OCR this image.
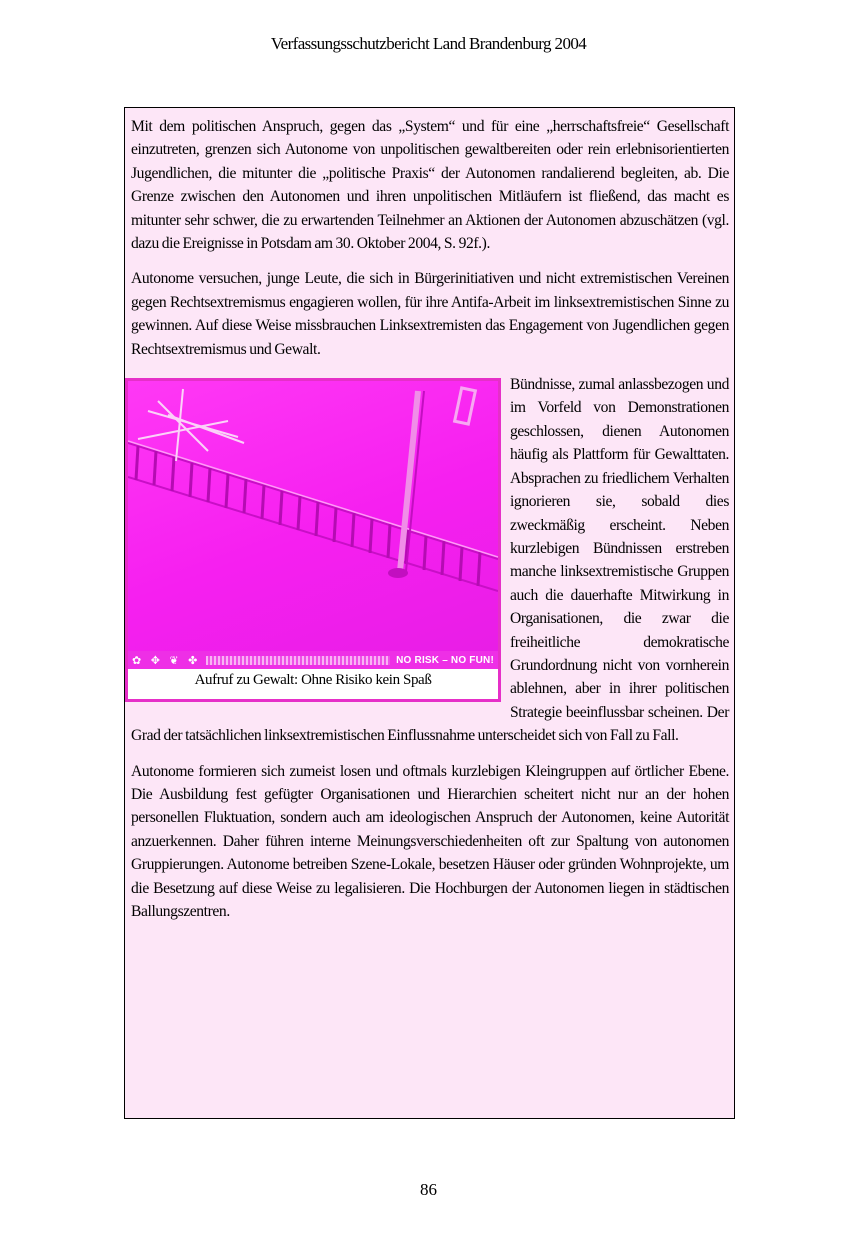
Verfassungsschutzbericht Land Brandenburg 2004

Mit dem politischen Anspruch, gegen das „System“ und für eine „herrschaftsfreie“ Gesellschaft einzutreten, grenzen sich Autonome von unpolitischen gewaltbereiten oder rein erlebnisorientierten Jugendlichen, die mitunter die „politische Praxis“ der Autonomen randalierend begleiten, ab. Die Grenze zwischen den Autonomen und ihren unpolitischen Mitläufern ist fließend, das macht es mitunter sehr schwer, die zu erwartenden Teilnehmer an Aktionen der Autonomen abzuschätzen (vgl. dazu die Ereignisse in Potsdam am 30. Oktober 2004, S. 92f.).

Autonome versuchen, junge Leute, die sich in Bürgerinitiativen und nicht extremistischen Vereinen gegen Rechtsextremismus engagieren wollen, für ihre Antifa-Arbeit im linksextremistischen Sinne zu gewinnen. Auf diese Weise missbrauchen Linksextremisten das Engagement von Jugendlichen gegen Rechtsextremismus und Gewalt.

✿ ✥ ❦ ✤	NO RISK – NO FUN!
Aufruf zu Gewalt: Ohne Risiko kein Spaß

Bündnisse, zumal anlassbezogen und im Vorfeld von Demonstrationen geschlossen, dienen Autonomen häufig als Plattform für Gewalttaten. Absprachen zu friedlichem Verhalten ignorieren sie, sobald dies zweckmäßig erscheint. Neben kurzlebigen Bündnissen erstreben manche linksextremistische Gruppen auch die dauerhafte Mitwirkung in Organisationen, die zwar die freiheitliche demokratische Grundordnung nicht von vornherein ablehnen, aber in ihrer politischen Strategie beeinflussbar scheinen. Der Grad der tatsächlichen linksextremistischen Einflussnahme unterscheidet sich von Fall zu Fall.

Autonome formieren sich zumeist losen und oftmals kurzlebigen Kleingruppen auf örtlicher Ebene. Die Ausbildung fest gefügter Organisationen und Hierarchien scheitert nicht nur an der hohen personellen Fluktuation, sondern auch am ideologischen Anspruch der Autonomen, keine Autorität anzuerkennen. Daher führen interne Meinungsverschiedenheiten oft zur Spaltung von autonomen Gruppierungen. Autonome betreiben Szene-Lokale, besetzen Häuser oder gründen Wohnprojekte, um die Besetzung auf diese Weise zu legalisieren. Die Hochburgen der Autonomen liegen in städtischen Ballungszentren.

86
